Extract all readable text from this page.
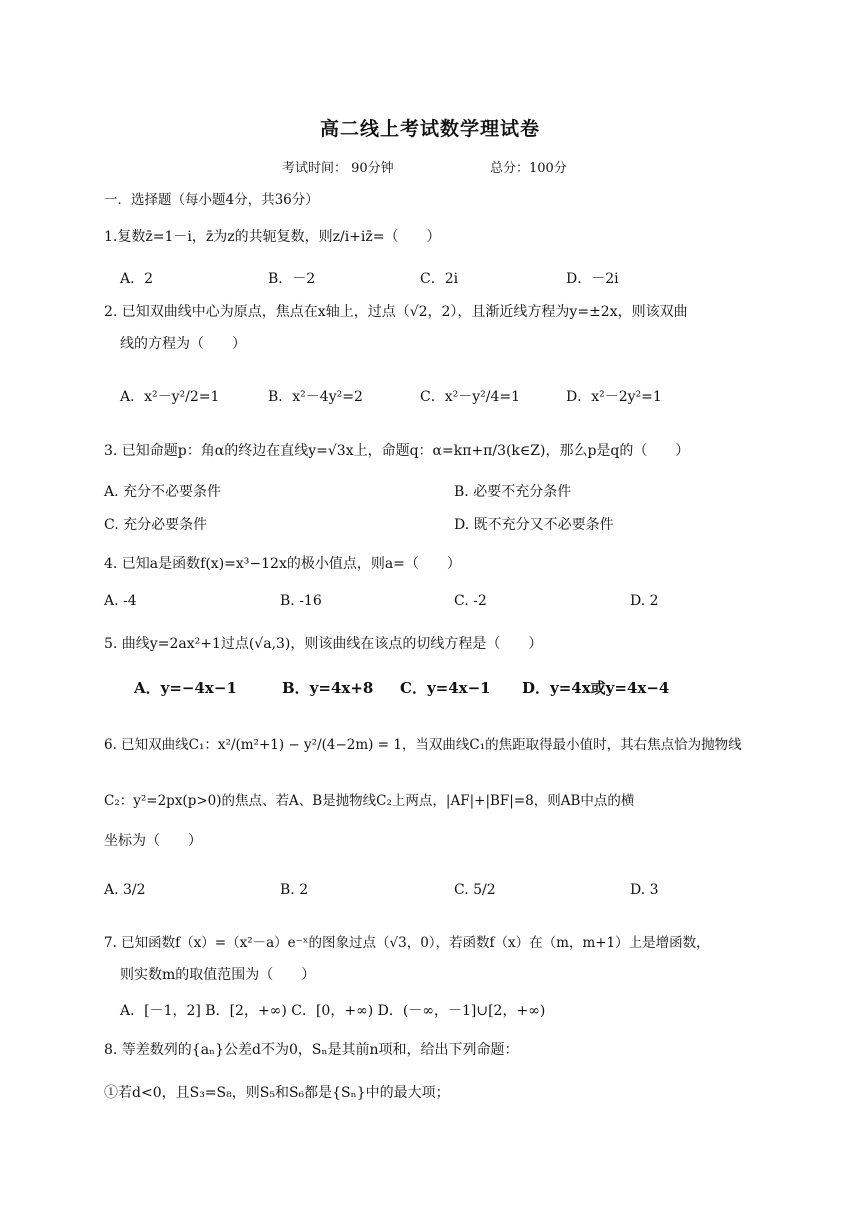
高二线上考试数学理试卷
考试时间： 90分钟	总分：100分
一．选择题（每小题4分，共36分）
1.复数z̄=1－i，z̄为z的共轭复数，则z/i+iz̄=（　　）
A．2	B．－2	C．2i	D．－2i
2. 已知双曲线中心为原点，焦点在x轴上，过点（√2，2），且渐近线方程为y=±2x，则该双曲
线的方程为（　　）
A．x²－y²/2=1	B．x²－4y²=2	C．x²－y²/4=1	D．x²－2y²=1
3. 已知命题p：角α的终边在直线y=√3x上，命题q：α=kπ+π/3(k∈Z)，那么p是q的（　　）
A. 充分不必要条件	B. 必要不充分条件
C. 充分必要条件	D. 既不充分又不必要条件
4. 已知a是函数f(x)=x³−12x的极小值点，则a=（　　）
A. -4	B. -16	C. -2	D. 2
5. 曲线y=2ax²+1过点(√a,3)，则该曲线在该点的切线方程是（　　）
A．y=−4x−1	B．y=4x+8 C．y=4x−1 D．y=4x或y=4x−4
6. 已知双曲线C₁：x²/(m²+1) − y²/(4−2m) = 1，当双曲线C₁的焦距取得最小值时，其右焦点恰为抛物线
C₂：y²=2px(p>0)的焦点、若A、B是抛物线C₂上两点，|AF|+|BF|=8，则AB中点的横
坐标为（　　）
A. 3/2	B. 2	C. 5/2	D. 3
7. 已知函数f（x）=（x²－a）e⁻ˣ的图象过点（√3，0），若函数f（x）在（m，m+1）上是增函数，
则实数m的取值范围为（　　）
A．[－1，2] B．[2，+∞) C．[0，+∞) D．(－∞，－1]∪[2，+∞)
8. 等差数列的{aₙ}公差d不为0，Sₙ是其前n项和，给出下列命题：
①若d<0，且S₃=S₈，则S₅和S₆都是{Sₙ}中的最大项；
